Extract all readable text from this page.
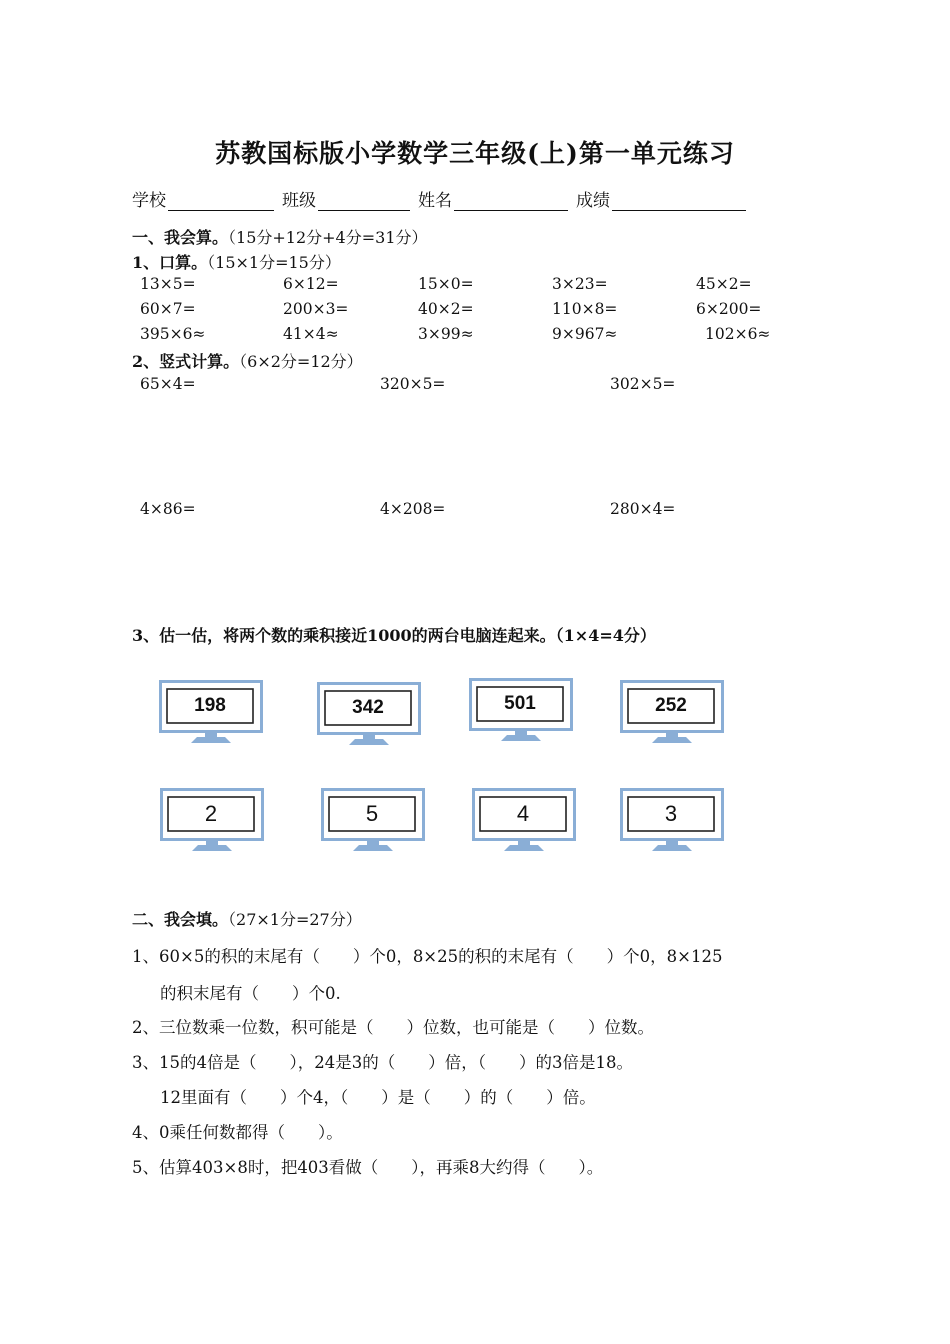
苏教国标版小学数学三年级(上)第一单元练习
学校	班级	姓名	成绩
一、我会算。（15分+12分+4分=31分）
1、口算。（15×1分=15分）
13×5=	6×12=	15×0=	3×23=	45×2=
60×7=	200×3=	40×2=	110×8=	6×200=
395×6≈	41×4≈	3×99≈	9×967≈	102×6≈
2、竖式计算。（6×2分=12分）
65×4=	320×5=	302×5=
4×86=	4×208=	280×4=
3、估一估，将两个数的乘积接近1000的两台电脑连起来。（1×4=4分）
198	342	501	252
2	5	4	3
二、我会填。（27×1分=27分）
1、60×5的积的末尾有（　　）个0，8×25的积的末尾有（　　）个0，8×125
的积末尾有（　　）个0.
2、三位数乘一位数，积可能是（　　）位数，也可能是（　　）位数。
3、15的4倍是（　　），24是3的（　　）倍，（　　）的3倍是18。
12里面有（　　）个4，（　　）是（　　）的（　　）倍。
4、0乘任何数都得（　　）。
5、估算403×8时，把403看做（　　），再乘8大约得（　　）。
